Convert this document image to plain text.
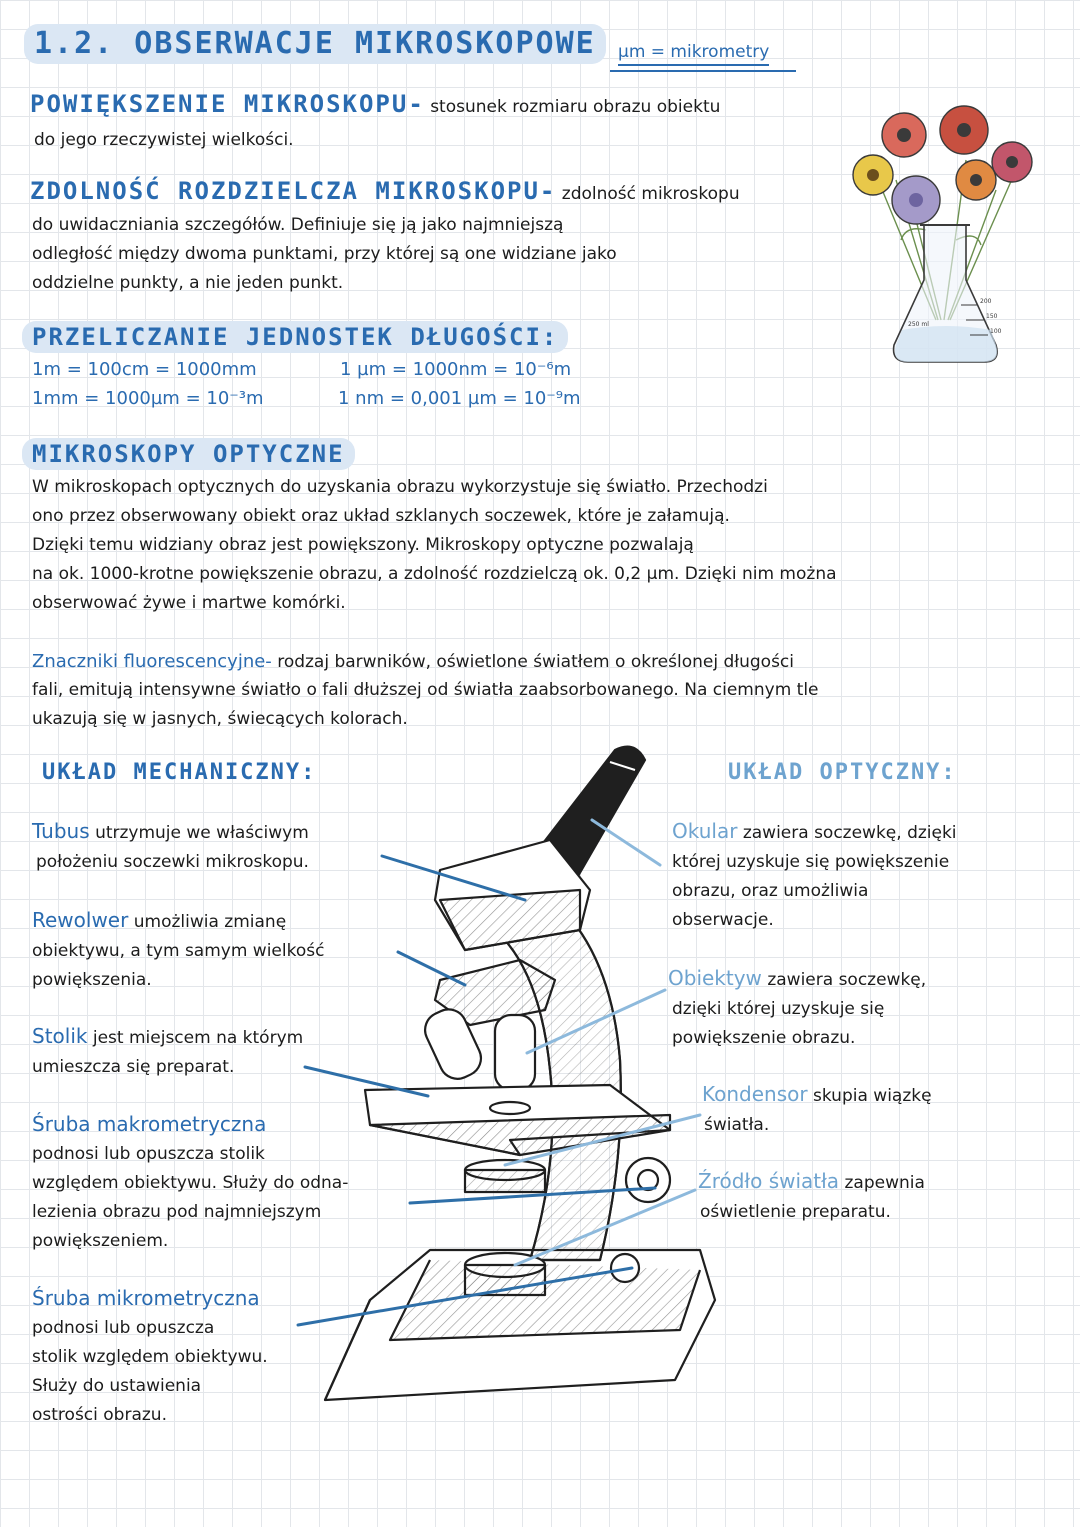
1.2. OBSERWACJE MIKROSKOPOWE	µm = mikrometry
POWIĘKSZENIE MIKROSKOPU- stosunek rozmiaru obrazu obiektu
do jego rzeczywistej wielkości.
ZDOLNOŚĆ ROZDZIELCZA MIKROSKOPU- zdolność mikroskopu
do uwidaczniania szczegółów. Definiuje się ją jako najmniejszą
odległość między dwoma punktami, przy której są one widziane jako
oddzielne punkty, a nie jeden punkt.
250 ml
200
150
100
PRZELICZANIE JEDNOSTEK DŁUGOŚCI:
1m = 100cm = 1000mm
1mm = 1000µm = 10⁻³m
1 µm = 1000nm = 10⁻⁶m
1 nm = 0,001 µm = 10⁻⁹m
MIKROSKOPY OPTYCZNE
W mikroskopach optycznych do uzyskania obrazu wykorzystuje się światło. Przechodzi
ono przez obserwowany obiekt oraz układ szklanych soczewek, które je załamują.
Dzięki temu widziany obraz jest powiększony. Mikroskopy optyczne pozwalają
na ok. 1000-krotne powiększenie obrazu, a zdolność rozdzielczą ok. 0,2 µm. Dzięki nim można
obserwować żywe i martwe komórki.
Znaczniki fluorescencyjne- rodzaj barwników, oświetlone światłem o określonej długości
fali, emitują intensywne światło o fali dłuższej od światła zaabsorbowanego. Na ciemnym tle
ukazują się w jasnych, świecących kolorach.
UKŁAD MECHANICZNY:	UKŁAD OPTYCZNY:
Tubus utrzymuje we właściwym
położeniu soczewki mikroskopu.
Rewolwer umożliwia zmianę
obiektywu, a tym samym wielkość
powiększenia.
Stolik jest miejscem na którym
umieszcza się preparat.
Śruba makrometryczna
podnosi lub opuszcza stolik
względem obiektywu. Służy do odna-
lezienia obrazu pod najmniejszym
powiększeniem.
Śruba mikrometryczna
podnosi lub opuszcza
stolik względem obiektywu.
Służy do ustawienia
ostrości obrazu.
Okular zawiera soczewkę, dzięki
której uzyskuje się powiększenie
obrazu, oraz umożliwia
obserwacje.
Obiektyw zawiera soczewkę,
dzięki której uzyskuje się
powiększenie obrazu.
Kondensor skupia wiązkę
światła.
Źródło światła zapewnia
oświetlenie preparatu.
